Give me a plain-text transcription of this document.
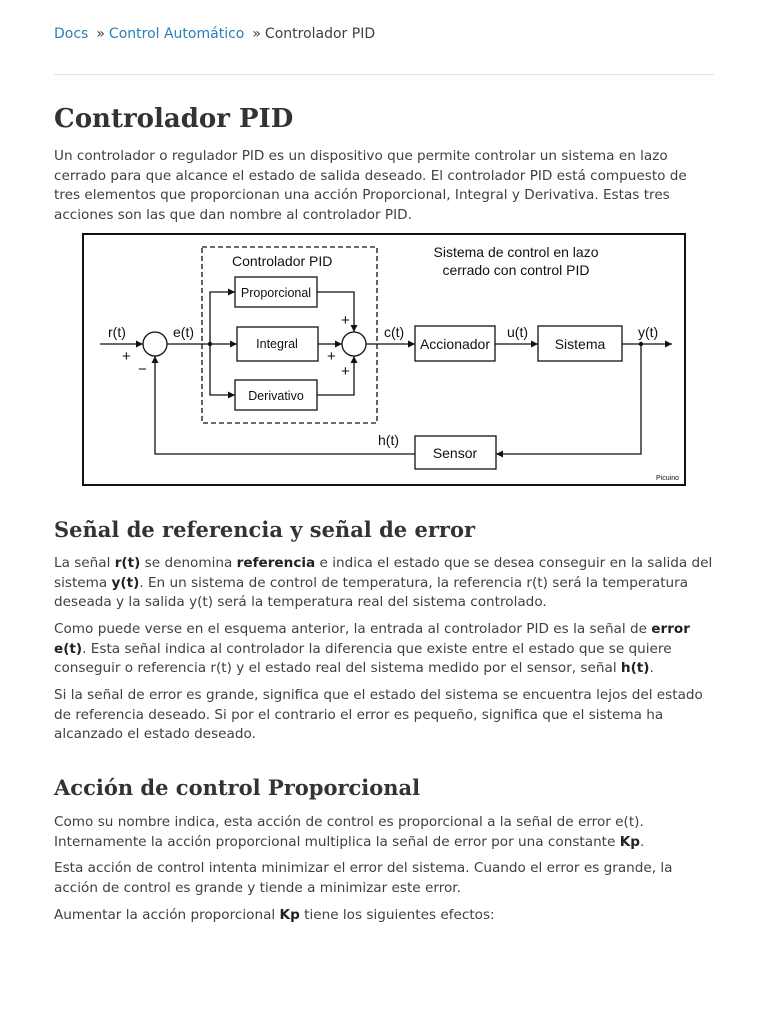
Docs » Control Automático » Controlador PID
Controlador PID

Un controlador o regulador PID es un dispositivo que permite controlar un sistema en lazo cerrado para que alcance el estado de salida deseado. El controlador PID está compuesto de tres elementos que proporcionan una acción Proporcional, Integral y Derivativa. Estas tres acciones son las que dan nombre al controlador PID.

Controlador PID
Sistema de control en lazo
cerrado con control PID
Proporcional
Integral
Derivativo
Accionador	Sistema
Sensor
r(t)	e(t)	c(t)	u(t)	y(t)
h(t)
+
−
+
+
+
Picuino
Señal de referencia y señal de error

La señal r(t) se denomina referencia e indica el estado que se desea conseguir en la salida del sistema y(t). En un sistema de control de temperatura, la referencia r(t) será la temperatura deseada y la salida y(t) será la temperatura real del sistema controlado.

Como puede verse en el esquema anterior, la entrada al controlador PID es la señal de error e(t). Esta señal indica al controlador la diferencia que existe entre el estado que se quiere conseguir o referencia r(t) y el estado real del sistema medido por el sensor, señal h(t).

Si la señal de error es grande, significa que el estado del sistema se encuentra lejos del estado de referencia deseado. Si por el contrario el error es pequeño, significa que el sistema ha alcanzado el estado deseado.

Acción de control Proporcional

Como su nombre indica, esta acción de control es proporcional a la señal de error e(t). Internamente la acción proporcional multiplica la señal de error por una constante Kp.

Esta acción de control intenta minimizar el error del sistema. Cuando el error es grande, la acción de control es grande y tiende a minimizar este error.

Aumentar la acción proporcional Kp tiene los siguientes efectos:
